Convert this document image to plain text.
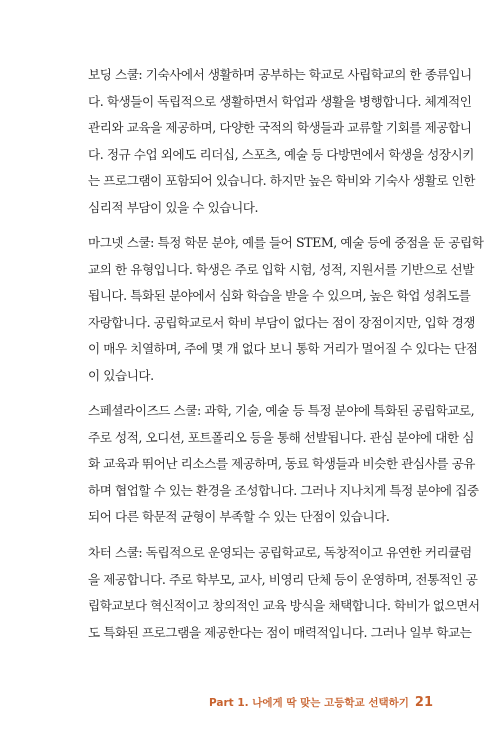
보딩 스쿨: 기숙사에서 생활하며 공부하는 학교로 사립학교의 한 종류입니
다. 학생들이 독립적으로 생활하면서 학업과 생활을 병행합니다. 체계적인
관리와 교육을 제공하며, 다양한 국적의 학생들과 교류할 기회를 제공합니
다. 정규 수업 외에도 리더십, 스포츠, 예술 등 다방면에서 학생을 성장시키
는 프로그램이 포함되어 있습니다. 하지만 높은 학비와 기숙사 생활로 인한
심리적 부담이 있을 수 있습니다.
마그넷 스쿨: 특정 학문 분야, 예를 들어 STEM, 예술 등에 중점을 둔 공립학
교의 한 유형입니다. 학생은 주로 입학 시험, 성적, 지원서를 기반으로 선발
됩니다. 특화된 분야에서 심화 학습을 받을 수 있으며, 높은 학업 성취도를
자랑합니다. 공립학교로서 학비 부담이 없다는 점이 장점이지만, 입학 경쟁
이 매우 치열하며, 주에 몇 개 없다 보니 통학 거리가 멀어질 수 있다는 단점
이 있습니다.
스페셜라이즈드 스쿨: 과학, 기술, 예술 등 특정 분야에 특화된 공립학교로,
주로 성적, 오디션, 포트폴리오 등을 통해 선발됩니다. 관심 분야에 대한 심
화 교육과 뛰어난 리소스를 제공하며, 동료 학생들과 비슷한 관심사를 공유
하며 협업할 수 있는 환경을 조성합니다. 그러나 지나치게 특정 분야에 집중
되어 다른 학문적 균형이 부족할 수 있는 단점이 있습니다.
차터 스쿨: 독립적으로 운영되는 공립학교로, 독창적이고 유연한 커리큘럼
을 제공합니다. 주로 학부모, 교사, 비영리 단체 등이 운영하며, 전통적인 공
립학교보다 혁신적이고 창의적인 교육 방식을 채택합니다. 학비가 없으면서
도 특화된 프로그램을 제공한다는 점이 매력적입니다. 그러나 일부 학교는
Part 1. 나에게 딱 맞는 고등학교 선택하기 21
